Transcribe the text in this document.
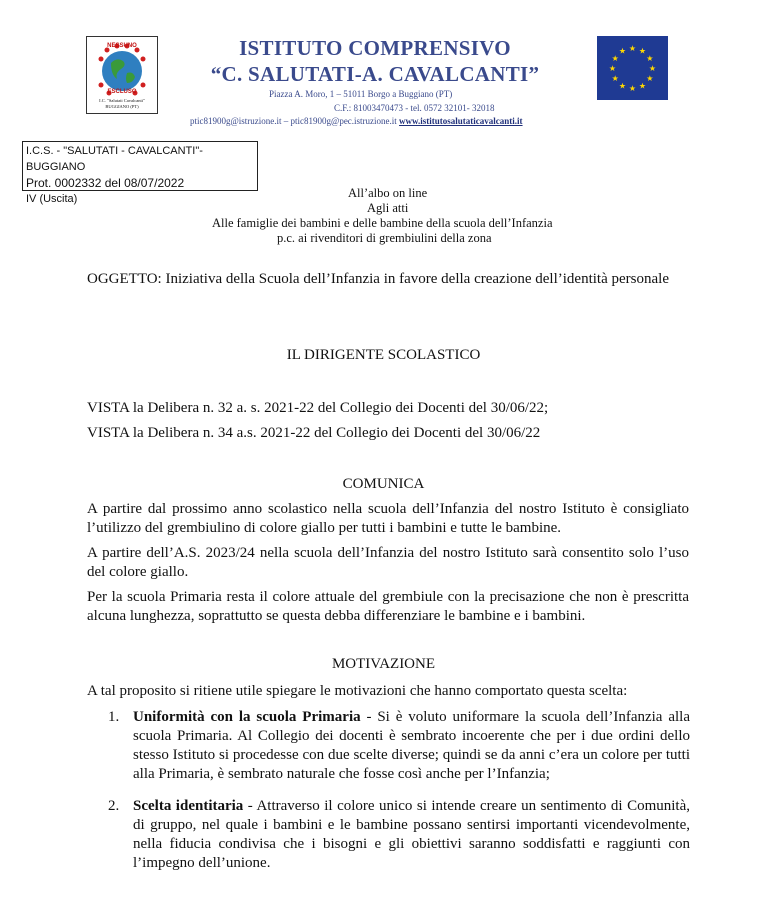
NESSUNO
ESCLUSO
I.C. "Salutati Cavalcanti"
BUGGIANO (PT)
★ ★
★
★
★
★
★
★
★
★
★
★
ISTITUTO COMPRENSIVO
“C. SALUTATI-A. CAVALCANTI”
Piazza A. Moro, 1 – 51011 Borgo a Buggiano (PT)
C.F.: 81003470473 - tel. 0572 32101- 32018
ptic81900g@istruzione.it – ptic81900g@pec.istruzione.it www.istitutosalutaticavalcanti.it
I.C.S. - "SALUTATI - CAVALCANTI"-BUGGIANO
Prot. 0002332 del 08/07/2022
IV (Uscita)	All’albo on line
Agli atti
Alle famiglie dei bambini e delle bambine della scuola dell’Infanzia
p.c. ai rivenditori di grembiulini della zona
OGGETTO: Iniziativa della Scuola dell’Infanzia in favore della creazione dell’identità personale
IL DIRIGENTE SCOLASTICO
VISTA la Delibera n. 32 a. s. 2021-22 del Collegio dei Docenti del 30/06/22;
VISTA la Delibera n. 34 a.s. 2021-22 del Collegio dei Docenti del 30/06/22
COMUNICA
A partire dal prossimo anno scolastico nella scuola dell’Infanzia del nostro Istituto è consigliato l’utilizzo del grembiulino di colore giallo per tutti i bambini e tutte le bambine.
A partire dell’A.S. 2023/24 nella scuola dell’Infanzia del nostro Istituto sarà consentito solo l’uso del colore giallo.
Per la scuola Primaria resta il colore attuale del grembiule con la precisazione che non è prescritta alcuna lunghezza, soprattutto se questa debba differenziare le bambine e i bambini.
MOTIVAZIONE
A tal proposito si ritiene utile spiegare le motivazioni che hanno comportato questa scelta:
1. Uniformità con la scuola Primaria - Si è voluto uniformare la scuola dell’Infanzia alla scuola Primaria. Al Collegio dei docenti è sembrato incoerente che per i due ordini dello stesso Istituto si procedesse con due scelte diverse; quindi se da anni c’era un colore per tutti alla Primaria, è sembrato naturale che fosse così anche per l’Infanzia;
2. Scelta identitaria - Attraverso il colore unico si intende creare un sentimento di Comunità, di gruppo, nel quale i bambini e le bambine possano sentirsi importanti vicendevolmente, nella fiducia condivisa che i bisogni e gli obiettivi saranno soddisfatti e raggiunti con l’impegno dell’unione.
